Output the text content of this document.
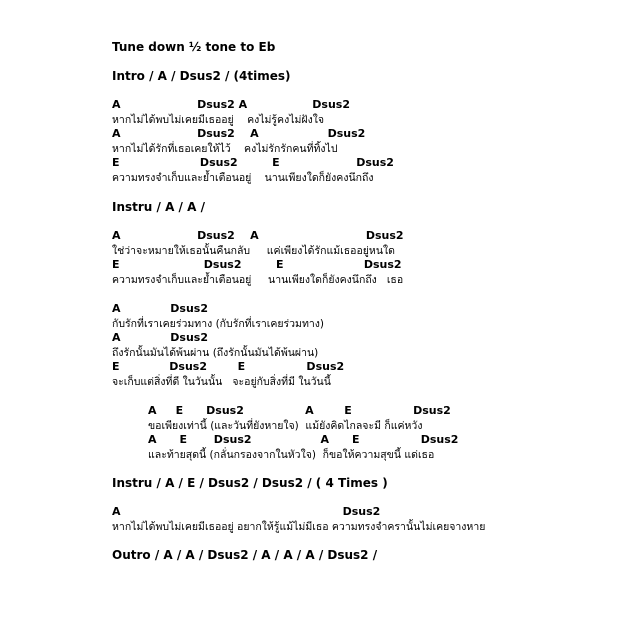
Tune down ½ tone to Eb
Intro / A / Dsus2 / (4times)
A                    Dsus2 A                 Dsus2
หากไม่ได้พบไม่เคยมีเธออยู่    คงไม่รู้คงไม่ฝังใจ
A                    Dsus2    A                  Dsus2
หากไม่ได้รักที่เธอเคยให้ไว้    คงไม่รักรักคนที่ทิ้งไป
E                     Dsus2         E                    Dsus2
ความทรงจำเก็บและย้ำเตือนอยู่    นานเพียงใดก็ยังคงนึกถึง
Instru / A / A /
A                    Dsus2    A                            Dsus2
ใช่ว่าจะหมายให้เธอนั้นคืนกลับ     แค่เพียงได้รักแม้เธออยู่หนใด
E                      Dsus2         E                     Dsus2
ความทรงจำเก็บและย้ำเตือนอยู่     นานเพียงใดก็ยังคงนึกถึง   เธอ
A             Dsus2
กับรักที่เราเคยร่วมทาง (กับรักที่เราเคยร่วมทาง)
A             Dsus2
ถึงรักนั้นมันได้พ้นผ่าน (ถึงรักนั้นมันได้พ้นผ่าน)
E             Dsus2        E                Dsus2
จะเก็บแต่สิ่งที่ดี ในวันนั้น   จะอยู่กับสิ่งที่มี ในวันนี้
A     E      Dsus2                A        E                Dsus2
ขอเพียงเท่านี้ (และวันที่ยังหายใจ)  แม้ยังคิดไกลจะมี ก็แค่หวัง
A      E       Dsus2                  A      E                Dsus2
และท้ายสุดนี้ (กลั่นกรองจากในหัวใจ)  ก็ขอให้ความสุขนี้ แด่เธอ
Instru / A / E / Dsus2 / Dsus2 / ( 4 Times )
A                                                          Dsus2
หากไม่ได้พบไม่เคยมีเธออยู่ อยากให้รู้แม้ไม่มีเธอ ความทรงจำครานั้นไม่เคยจางหาย
Outro / A / A / Dsus2 / A / A / A / Dsus2 /
